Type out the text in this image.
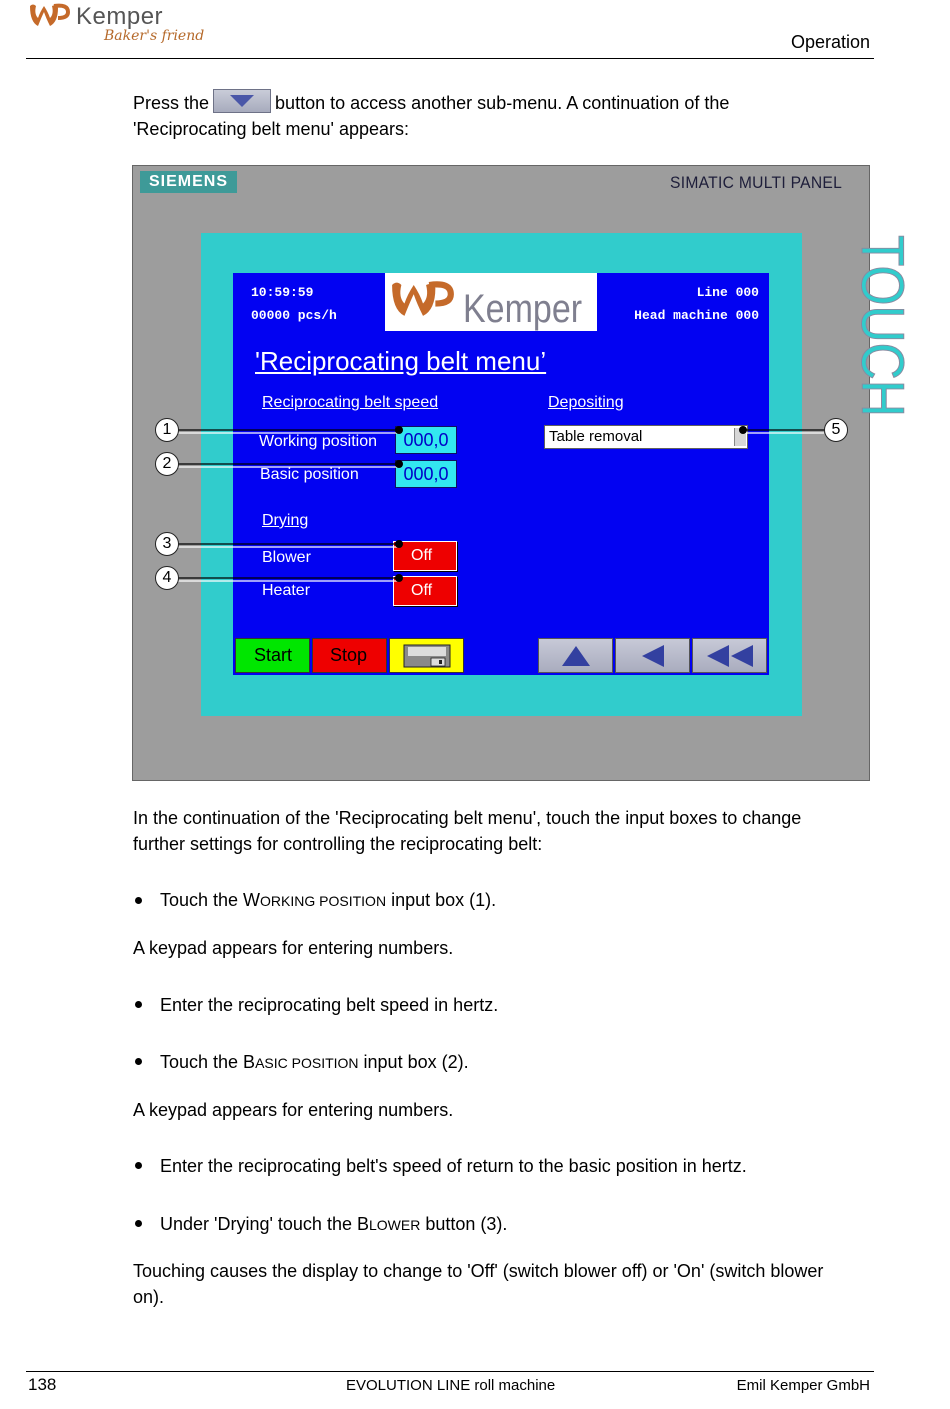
Kemper
Baker's friend	Operation
Press the	button to access another sub-menu. A continuation of the
'Reciprocating belt menu' appears:
SIEMENS	SIMATIC MULTI PANEL
TOUCH
10:59:59
00000 pcs/h
Line 000
Head machine 000
Kemper
'Reciprocating belt menu’
Reciprocating belt speed	Depositing
Working position	000,0
Basic position	000,0
Table removal
Drying
Blower	Off
Heater	Off
Start	Stop
1
2
3
4
5
In the continuation of the 'Reciprocating belt menu', touch the input boxes to change
further settings for controlling the reciprocating belt:
Touch the WORKING POSITION input box (1).
A keypad appears for entering numbers.
Enter the reciprocating belt speed in hertz.
Touch the BASIC POSITION input box (2).
A keypad appears for entering numbers.
Enter the reciprocating belt's speed of return to the basic position in hertz.
Under 'Drying' touch the BLOWER button (3).
Touching causes the display to change to 'Off' (switch blower off) or 'On' (switch blower
on).
138	EVOLUTION LINE roll machine	Emil Kemper GmbH
